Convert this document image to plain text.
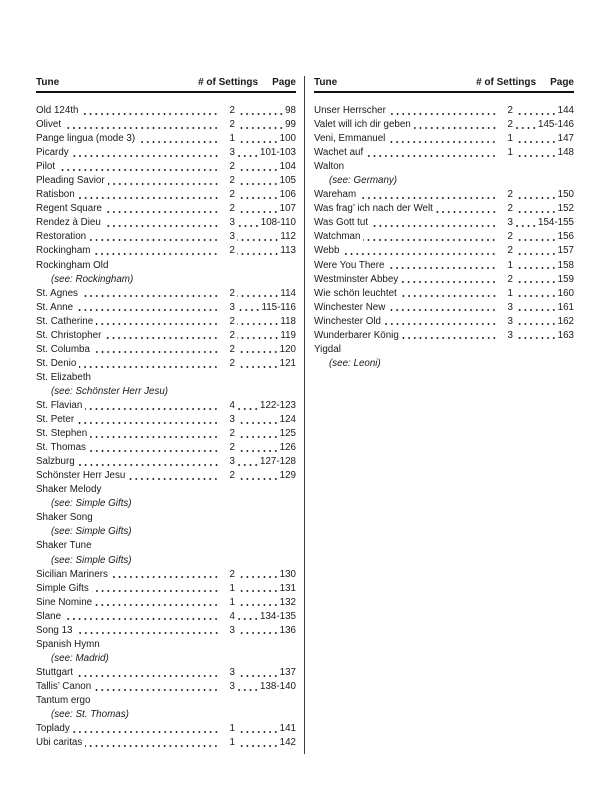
Tune	# of Settings Page
Old 124th	2	98
Olivet	2	99
Pange lingua (mode 3)	1	100
Picardy	3	101-103
Pilot	2	104
Pleading Savior	2	105
Ratisbon	2	106
Regent Square	2	107
Rendez à Dieu	3	108-110
Restoration	3	112
Rockingham	2	113
Rockingham Old
(see: Rockingham)
St. Agnes	2	114
St. Anne	3	115-116
St. Catherine	2	118
St. Christopher	2	119
St. Columba	2	120
St. Denio	2	121
St. Elizabeth
(see: Schönster Herr Jesu)
St. Flavian	4	122-123
St. Peter	3	124
St. Stephen	2	125
St. Thomas	2	126
Salzburg	3	127-128
Schönster Herr Jesu	2	129
Shaker Melody
(see: Simple Gifts)
Shaker Song
(see: Simple Gifts)
Shaker Tune
(see: Simple Gifts)
Sicilian Mariners	2	130
Simple Gifts	1	131
Sine Nomine	1	132
Slane	4	134-135
Song 13	3	136
Spanish Hymn
(see: Madrid)
Stuttgart	3	137
Tallis’ Canon	3	138-140
Tantum ergo
(see: St. Thomas)
Toplady	1	141
Ubi caritas	1	142
Tune	# of Settings Page
Unser Herrscher	2	144
Valet will ich dir geben	2	145-146
Veni, Emmanuel	1	147
Wachet auf	1	148
Walton
(see: Germany)
Wareham	2	150
Was frag’ ich nach der Welt	2	152
Was Gott tut	3	154-155
Watchman	2	156
Webb	2	157
Were You There	1	158
Westminster Abbey	2	159
Wie schön leuchtet	1	160
Winchester New	3	161
Winchester Old	3	162
Wunderbarer König	3	163
Yigdal
(see: Leoni)
